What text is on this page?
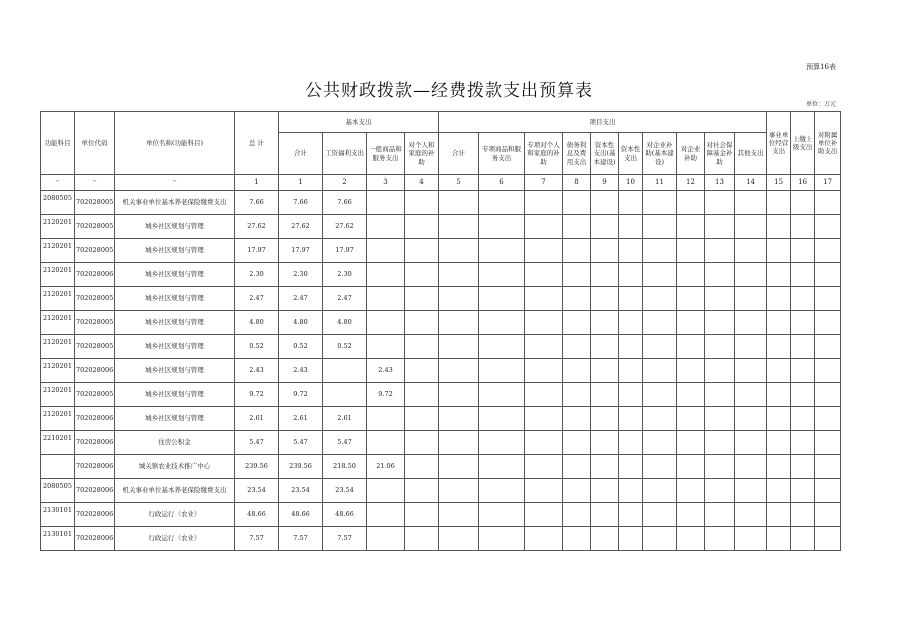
预算16表
公共财政拨款—经费拨款支出预算表
单位：万元
功能科目	单位代码	单位名称(功能科目)	总 计	基本支出				项目支出										事业单位经营支出	上缴上级支出	对附属单位补助支出
				合计	工资福利支出	一般商品和服务支出	对个人和家庭的补助	合计	专项商品和服务支出	专项对个人和家庭的补助	债务利息及费用支出	资本性支出(基本建设)	资本性支出	对企业补助(基本建设)	对企业补助	对社会保障基金补助	其他支出			
**	**	**	1	1	2	3	4	5	6	7	8	9	10	11	12	13	14	15	16	17

2080505	702028005	机关事业单位基本养老保险缴费支出	7.66	7.66	7.66															

2120201	702028005	城乡社区规划与管理	27.62	27.62	27.62															

2120201	702028005	城乡社区规划与管理	17.97	17.97	17.97															

2120201	702028006	城乡社区规划与管理	2.30	2.30	2.30															

2120201	702028005	城乡社区规划与管理	2.47	2.47	2.47															

2120201	702028005	城乡社区规划与管理	4.80	4.80	4.80															

2120201	702028005	城乡社区规划与管理	0.52	0.52	0.52															

2120201	702028006	城乡社区规划与管理	2.43	2.43		2.43														

2120201	702028005	城乡社区规划与管理	9.72	9.72		9.72														

2120201	702028006	城乡社区规划与管理	2.61	2.61	2.61															

2210201	702028006	住房公积金	5.47	5.47	5.47															

	702028006	城关镇农业技术推广中心	239.56	239.56	218.50	21.06														

2080505	702028006	机关事业单位基本养老保险缴费支出	23.54	23.54	23.54															

2130101	702028006	行政运行（农业）	48.66	48.66	48.66															

2130101	702028006	行政运行（农业）	7.57	7.57	7.57															
